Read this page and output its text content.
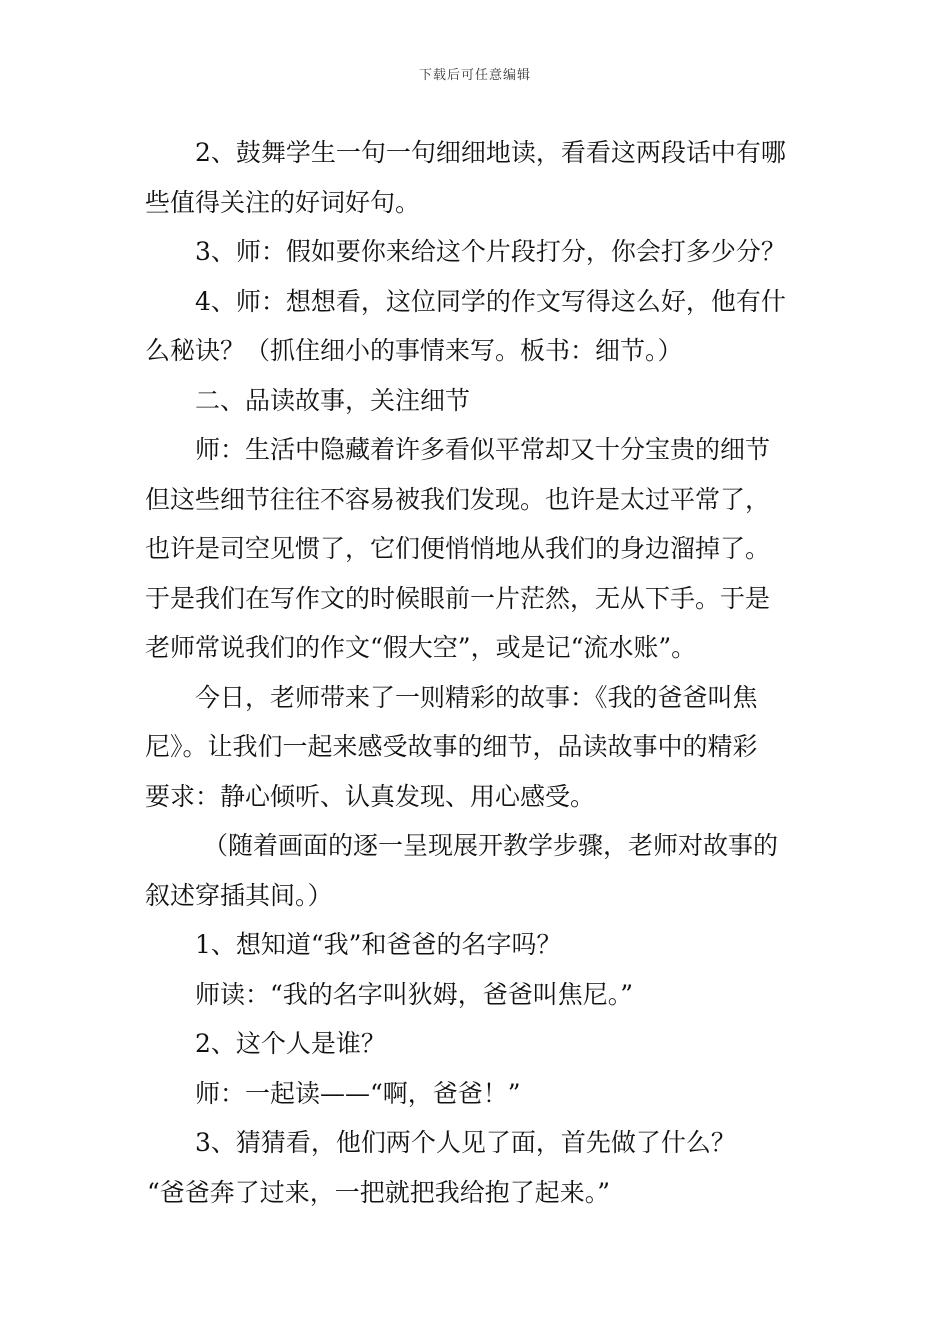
下载后可任意编辑

2、鼓舞学生一句一句细细地读，看看这两段话中有哪

些值得关注的好词好句。

3、师：假如要你来给这个片段打分，你会打多少分？

4、师：想想看，这位同学的作文写得这么好，他有什

么秘诀？（抓住细小的事情来写。板书：细节。）

二、品读故事，关注细节

师：生活中隐藏着许多看似平常却又十分宝贵的细节

但这些细节往往不容易被我们发现。也许是太过平常了，

也许是司空见惯了，它们便悄悄地从我们的身边溜掉了。

于是我们在写作文的时候眼前一片茫然，无从下手。于是

老师常说我们的作文“假大空”，或是记“流水账”。

今日，老师带来了一则精彩的故事：《我的爸爸叫焦

尼》。让我们一起来感受故事的细节，品读故事中的精彩

要求：静心倾听、认真发现、用心感受。

（随着画面的逐一呈现展开教学步骤，老师对故事的

叙述穿插其间。）

1、想知道“我”和爸爸的名字吗？

师读：“我的名字叫狄姆，爸爸叫焦尼。”

2、这个人是谁？

师：一起读——“啊，爸爸！”

3、猜猜看，他们两个人见了面，首先做了什么？

“爸爸奔了过来，一把就把我给抱了起来。”
